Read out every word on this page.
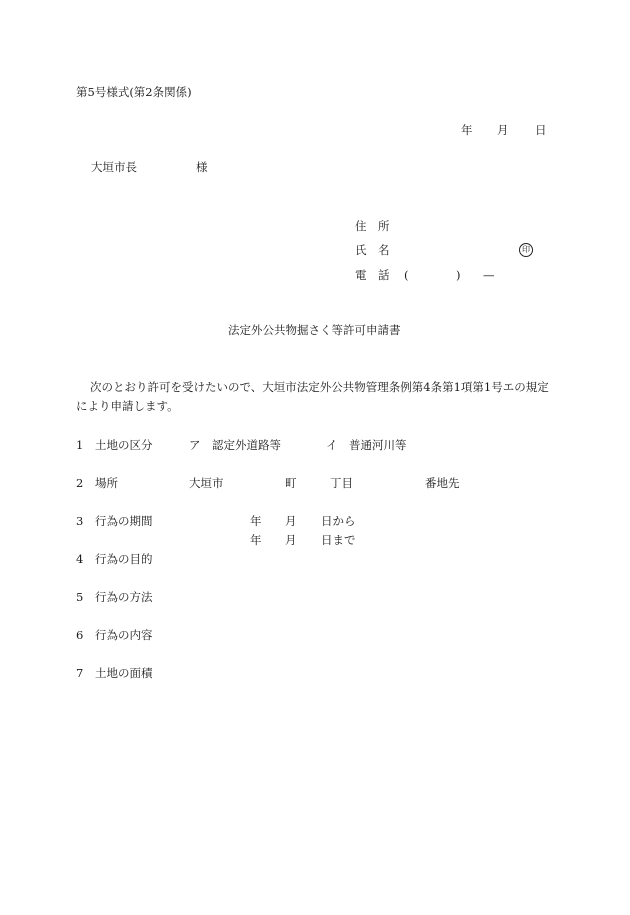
第5号様式(第2条関係)
年 月 日
大垣市長	様
住　所
氏　名	印
電　話 (	) —
法定外公共物掘さく等許可申請書
次のとおり許可を受けたいので、大垣市法定外公共物管理条例第4条第1項第1号エの規定
により申請します。
1 土地の区分	ア　認定外道路等	イ　普通河川等
2 場所	大垣市	町	丁目	番地先
3 行為の期間	年 月 日から
年 月 日まで
4 行為の目的
5 行為の方法
6 行為の内容
7 土地の面積
